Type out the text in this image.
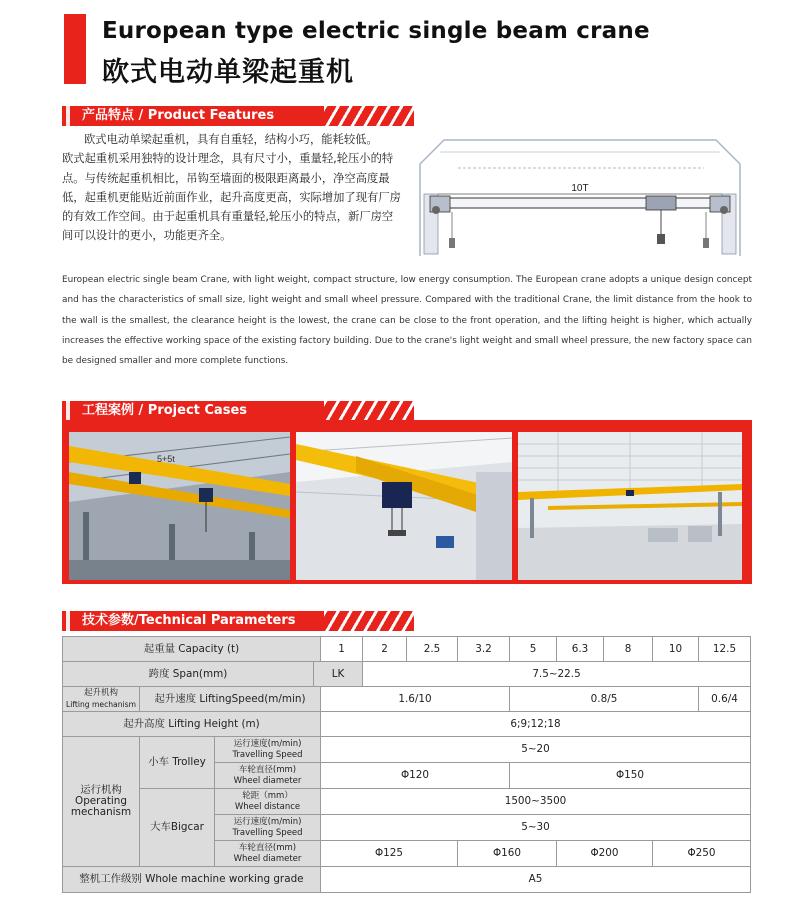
European type electric single beam crane
欧式电动单梁起重机
产品特点 / Product Features

欧式电动单梁起重机，具有自重轻，结构小巧，能耗较低。

欧式起重机采用独特的设计理念，具有尺寸小，重量轻,轮压小的特点。与传统起重机相比，吊钩至墙面的极限距离最小，净空高度最低，起重机更能贴近前面作业，起升高度更高，实际增加了现有厂房的有效工作空间。由于起重机具有重量轻,轮压小的特点，新厂房空间可以设计的更小，功能更齐全。

10T
European electric single beam Crane, with light weight, compact structure, low energy consumption. The European crane adopts a unique design concept and has the characteristics of small size, light weight and small wheel pressure. Compared with the traditional Crane, the limit distance from the hook to the wall is the smallest, the clearance height is the lowest, the crane can be close to the front operation, and the lifting height is higher, which actually increases the effective working space of the existing factory building. Due to the crane's light weight and small wheel pressure, the new factory space can be designed smaller and more complete functions.
工程案例 / Project Cases
5+5t
技术参数/Technical Parameters
起重量 Capacity (t)				1	2	2.5	3.2	5	6.3	8	10	12.5
跨度 Span(mm)			LK		7.5~22.5							
起升机构
Lifting mechanism	起升速度 LiftingSpeed(m/min)			1.6/10				0.8/5				0.6/4
起升高度 Lifting Height (m)				6;9;12;18								
运行机构
Operating mechanism	小车 Trolley	运行速度(m/min)
Travelling Speed		5~20								
		车轮直径(mm)
Wheel diameter		Φ120				Φ150				
	大车Bigcar	轮距（mm）
Wheel distance		1500~3500								
		运行速度(m/min)
Travelling Speed		5~30								
		车轮直径(mm)
Wheel diameter		Φ125			Φ160		Φ200		Φ250	
整机工作级别 Whole machine working grade				A5								
